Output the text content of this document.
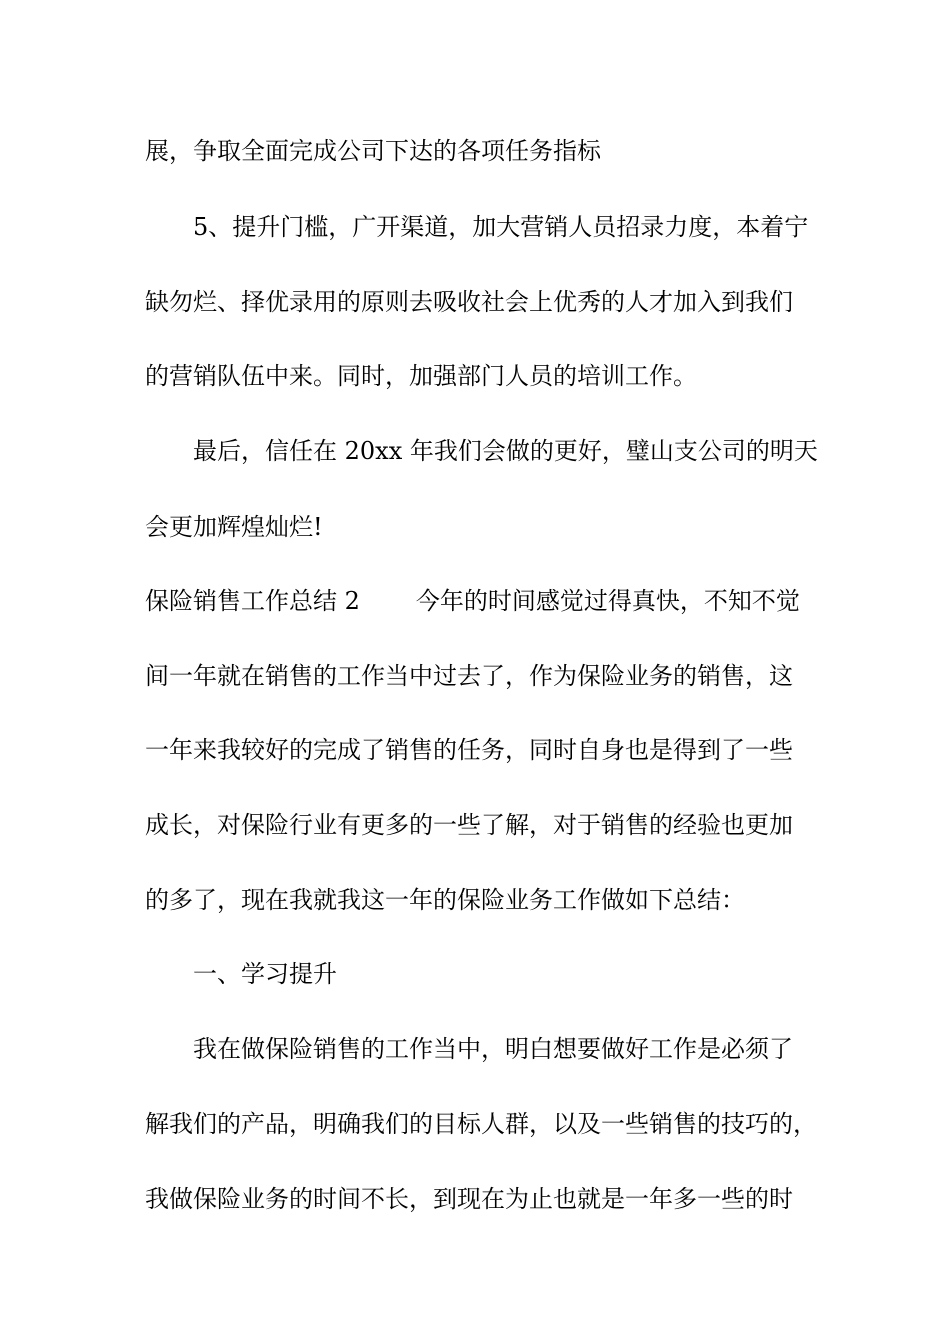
展，争取全面完成公司下达的各项任务指标
5、提升门槛，广开渠道，加大营销人员招录力度，本着宁
缺勿烂、择优录用的原则去吸收社会上优秀的人才加入到我们
的营销队伍中来。同时，加强部门人员的培训工作。
最后，信任在 20xx 年我们会做的更好，璧山支公司的明天
会更加辉煌灿烂!
保险销售工作总结 2 今年的时间感觉过得真快，不知不觉
间一年就在销售的工作当中过去了，作为保险业务的销售，这
一年来我较好的完成了销售的任务，同时自身也是得到了一些
成长，对保险行业有更多的一些了解，对于销售的经验也更加
的多了，现在我就我这一年的保险业务工作做如下总结：
一、学习提升
我在做保险销售的工作当中，明白想要做好工作是必须了
解我们的产品，明确我们的目标人群，以及一些销售的技巧的，
我做保险业务的时间不长，到现在为止也就是一年多一些的时
